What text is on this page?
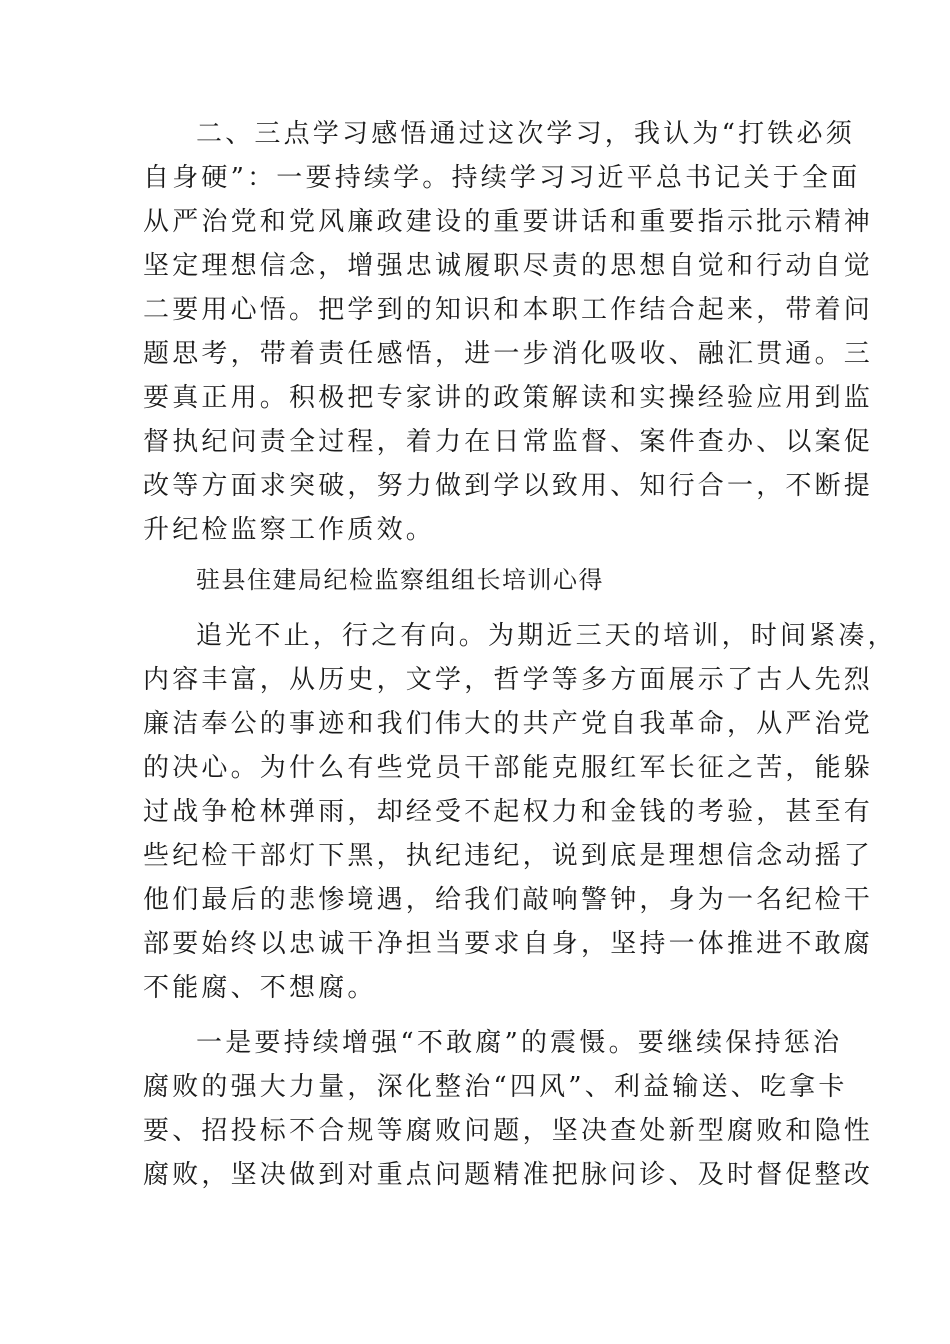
二、三点学习感悟通过这次学习，我认为“打铁必须
自身硬”：一要持续学。持续学习习近平总书记关于全面
从严治党和党风廉政建设的重要讲话和重要指示批示精神
坚定理想信念，增强忠诚履职尽责的思想自觉和行动自觉
二要用心悟。把学到的知识和本职工作结合起来，带着问
题思考，带着责任感悟，进一步消化吸收、融汇贯通。三
要真正用。积极把专家讲的政策解读和实操经验应用到监
督执纪问责全过程，着力在日常监督、案件查办、以案促
改等方面求突破，努力做到学以致用、知行合一，不断提
升纪检监察工作质效。
驻县住建局纪检监察组组长培训心得
追光不止，行之有向。为期近三天的培训，时间紧凑，
内容丰富，从历史，文学，哲学等多方面展示了古人先烈
廉洁奉公的事迹和我们伟大的共产党自我革命，从严治党
的决心。为什么有些党员干部能克服红军长征之苦，能躲
过战争枪林弹雨，却经受不起权力和金钱的考验，甚至有
些纪检干部灯下黑，执纪违纪，说到底是理想信念动摇了
他们最后的悲惨境遇，给我们敲响警钟，身为一名纪检干
部要始终以忠诚干净担当要求自身，坚持一体推进不敢腐
不能腐、不想腐。
一是要持续增强“不敢腐”的震慑。要继续保持惩治
腐败的强大力量，深化整治“四风”、利益输送、吃拿卡
要、招投标不合规等腐败问题，坚决查处新型腐败和隐性
腐败，坚决做到对重点问题精准把脉问诊、及时督促整改
